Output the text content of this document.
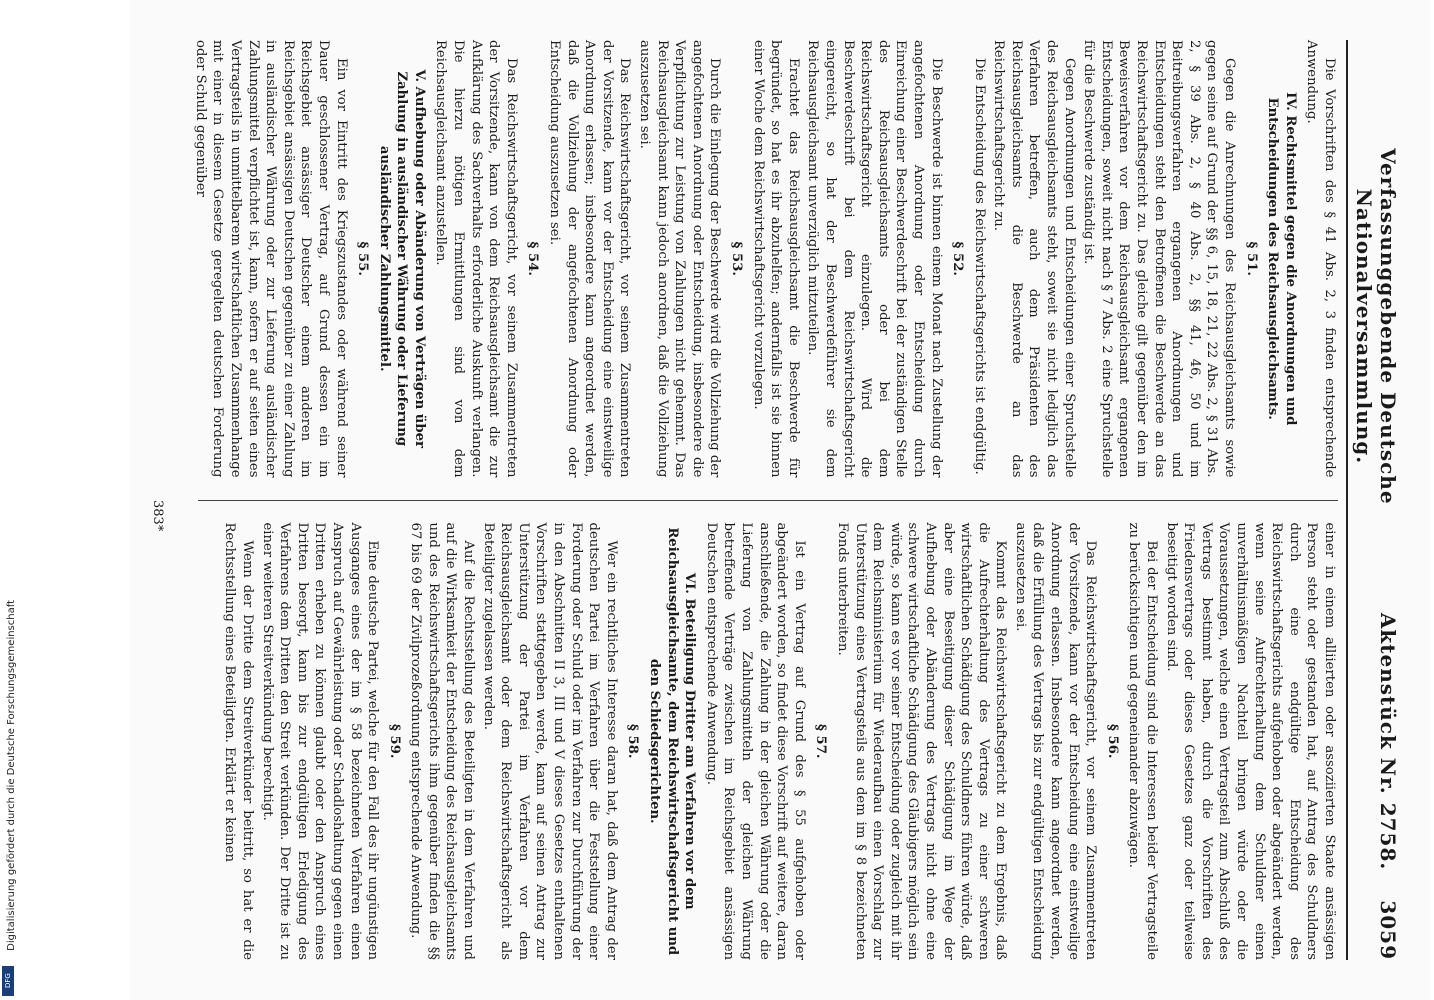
Digitalisierung gefördert durch die Deutsche Forschungsgemeinschaft
DFG
Verfassunggebende Deutsche Nationalversammlung.
Aktenstück Nr. 2758.
3059

Die Vorschriften des § 41 Abs. 2, 3 finden entsprechende Anwendung.

IV. Rechtsmittel gegen die Anordnungen und Entscheidungen des Reichsausgleichsamts.

§ 51.

Gegen die Anrechnungen des Reichsausgleichsamts sowie gegen seine auf Grund der §§ 6, 15, 18, 21, 22 Abs. 2, § 31 Abs. 2, § 39 Abs. 2, § 40 Abs. 2, §§ 41, 46, 50 und im Beitreibungsverfahren ergangenen Anordnungen und Entscheidungen steht den Betroffenen die Beschwerde an das Reichswirtschaftsgericht zu. Das gleiche gilt gegenüber den im Beweisverfahren vor dem Reichsausgleichsamt ergangenen Entscheidungen, soweit nicht nach § 7 Abs. 2 eine Spruchstelle für die Beschwerde zuständig ist.

Gegen Anordnungen und Entscheidungen einer Spruchstelle des Reichsausgleichsamts steht, soweit sie nicht lediglich das Verfahren betreffen, auch dem Präsidenten des Reichsausgleichsamts die Beschwerde an das Reichswirtschaftsgericht zu.

Die Entscheidung des Reichswirtschaftsgerichts ist endgültig.

§ 52.

Die Beschwerde ist binnen einem Monat nach Zustellung der angefochtenen Anordnung oder Entscheidung durch Einreichung einer Beschwerdeschrift bei der zuständigen Stelle des Reichsausgleichsamts oder bei dem Reichswirtschaftsgericht einzulegen. Wird die Beschwerdeschrift bei dem Reichswirtschaftsgericht eingereicht, so hat der Beschwerdeführer sie dem Reichsausgleichsamt unverzüglich mitzuteilen.

Erachtet das Reichsausgleichsamt die Beschwerde für begründet, so hat es ihr abzuhelfen; andernfalls ist sie binnen einer Woche dem Reichswirtschaftsgericht vorzulegen.

§ 53.

Durch die Einlegung der Beschwerde wird die Vollziehung der angefochtenen Anordnung oder Entscheidung, insbesondere die Verpflichtung zur Leistung von Zahlungen nicht gehemmt. Das Reichsausgleichsamt kann jedoch anordnen, daß die Vollziehung auszusetzen sei.

Das Reichswirtschaftsgericht, vor seinem Zusammentreten der Vorsitzende, kann vor der Entscheidung eine einstweilige Anordnung erlassen; insbesondere kann angeordnet werden, daß die Vollziehung der angefochtenen Anordnung oder Entscheidung auszusetzen sei.

§ 54.

Das Reichswirtschaftsgericht, vor seinem Zusammentreten der Vorsitzende, kann von dem Reichsausgleichsamt die zur Aufklärung des Sachverhalts erforderliche Auskunft verlangen. Die hierzu nötigen Ermittlungen sind von dem Reichsausgleichsamt anzustellen.

V. Aufhebung oder Abänderung von Verträgen über Zahlung in ausländischer Währung oder Lieferung ausländischer Zahlungsmittel.

§ 55.

Ein vor Eintritt des Kriegszustandes oder während seiner Dauer geschlossener Vertrag, auf Grund dessen ein im Reichsgebiet ansässiger Deutscher einem anderen im Reichsgebiet ansässigen Deutschen gegenüber zu einer Zahlung in ausländischer Währung oder zur Lieferung ausländischer Zahlungsmittel verpflichtet ist, kann, sofern er auf seiten eines Vertragsteils in unmittelbarem wirtschaftlichen Zusammenhange mit einer in diesem Gesetze geregelten deutschen Forderung oder Schuld gegenüber

einer in einem alliierten oder assoziierten Staate ansässigen Person steht oder gestanden hat, auf Antrag des Schuldners durch eine endgültige Entscheidung des Reichswirtschaftsgerichts aufgehoben oder abgeändert werden, wenn seine Aufrechterhaltung dem Schuldner einen unverhältnismäßigen Nachteil bringen würde oder die Voraussetzungen, welche einen Vertragsteil zum Abschluß des Vertrags bestimmt haben, durch die Vorschriften des Friedensvertrags oder dieses Gesetzes ganz oder teilweise beseitigt worden sind.

Bei der Entscheidung sind die Interessen beider Vertragsteile zu berücksichtigen und gegeneinander abzuwägen.

§ 56.

Das Reichswirtschaftsgericht, vor seinem Zusammentreten der Vorsitzende, kann vor der Entscheidung eine einstweilige Anordnung erlassen. Insbesondere kann angeordnet werden, daß die Erfüllung des Vertrags bis zur endgültigen Entscheidung auszusetzen sei.

Kommt das Reichswirtschaftsgericht zu dem Ergebnis, daß die Aufrechterhaltung des Vertrags zu einer schweren wirtschaftlichen Schädigung des Schuldners führen würde, daß aber eine Beseitigung dieser Schädigung im Wege der Aufhebung oder Abänderung des Vertrags nicht ohne eine schwere wirtschaftliche Schädigung des Gläubigers möglich sein würde, so kann es vor seiner Entscheidung oder zugleich mit ihr dem Reichsministerium für Wiederaufbau einen Vorschlag zur Unterstützung eines Vertragsteils aus dem im § 8 bezeichneten Fonds unterbreiten.

§ 57.

Ist ein Vertrag auf Grund des § 55 aufgehoben oder abgeändert worden, so findet diese Vorschrift auf weitere, daran anschließende, die Zahlung in der gleichen Währung oder die Lieferung von Zahlungsmitteln der gleichen Währung betreffende Verträge zwischen im Reichsgebiet ansässigen Deutschen entsprechende Anwendung.

VI. Beteiligung Dritter am Verfahren vor dem Reichsausgleichsamte, dem Reichswirtschaftsgericht und den Schiedsgerichten.

§ 58.

Wer ein rechtliches Interesse daran hat, daß dem Antrag der deutschen Partei im Verfahren über die Feststellung einer Forderung oder Schuld oder im Verfahren zur Durchführung der in den Abschnitten II 3, III und V dieses Gesetzes enthaltenen Vorschriften stattgegeben werde, kann auf seinen Antrag zur Unterstützung der Partei im Verfahren vor dem Reichsausgleichsamt oder dem Reichswirtschaftsgericht als Beteiligter zugelassen werden.

Auf die Rechtsstellung des Beteiligten in dem Verfahren und auf die Wirksamkeit der Entscheidung des Reichsausgleichsamts und des Reichswirtschaftsgerichts ihm gegenüber finden die §§ 67 bis 69 der Zivilprozeßordnung entsprechende Anwendung.

§ 59.

Eine deutsche Partei, welche für den Fall des ihr ungünstigen Ausganges eines der im § 58 bezeichneten Verfahren einen Anspruch auf Gewährleistung oder Schadloshaltung gegen einen Dritten erheben zu können glaubt oder den Anspruch eines Dritten besorgt, kann bis zur endgültigen Erledigung des Verfahrens dem Dritten den Streit verkünden. Der Dritte ist zu einer weiteren Streitverkündung berechtigt.

Wenn der Dritte dem Streitverkünder beitritt, so hat er die Rechtsstellung eines Beteiligten. Erklärt er keinen

383*
